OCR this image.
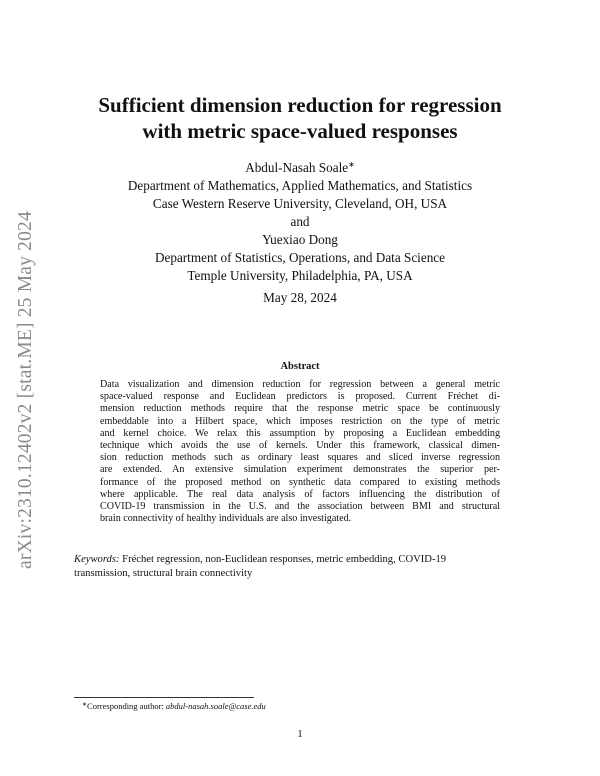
arXiv:2310.12402v2 [stat.ME] 25 May 2024
Sufficient dimension reduction for regression
with metric space-valued responses
Abdul-Nasah Soale∗
Department of Mathematics, Applied Mathematics, and Statistics
Case Western Reserve University, Cleveland, OH, USA
and
Yuexiao Dong
Department of Statistics, Operations, and Data Science
Temple University, Philadelphia, PA, USA
May 28, 2024
Abstract
Data visualization and dimension reduction for regression between a general metric
space-valued response and Euclidean predictors is proposed. Current Fréchet di-
mension reduction methods require that the response metric space be continuously
embeddable into a Hilbert space, which imposes restriction on the type of metric
and kernel choice. We relax this assumption by proposing a Euclidean embedding
technique which avoids the use of kernels. Under this framework, classical dimen-
sion reduction methods such as ordinary least squares and sliced inverse regression
are extended. An extensive simulation experiment demonstrates the superior per-
formance of the proposed method on synthetic data compared to existing methods
where applicable. The real data analysis of factors influencing the distribution of
COVID-19 transmission in the U.S. and the association between BMI and structural
brain connectivity of healthy individuals are also investigated.
Keywords: Fréchet regression, non-Euclidean responses, metric embedding, COVID-19
transmission, structural brain connectivity
∗Corresponding author: abdul-nasah.soale@case.edu
1
